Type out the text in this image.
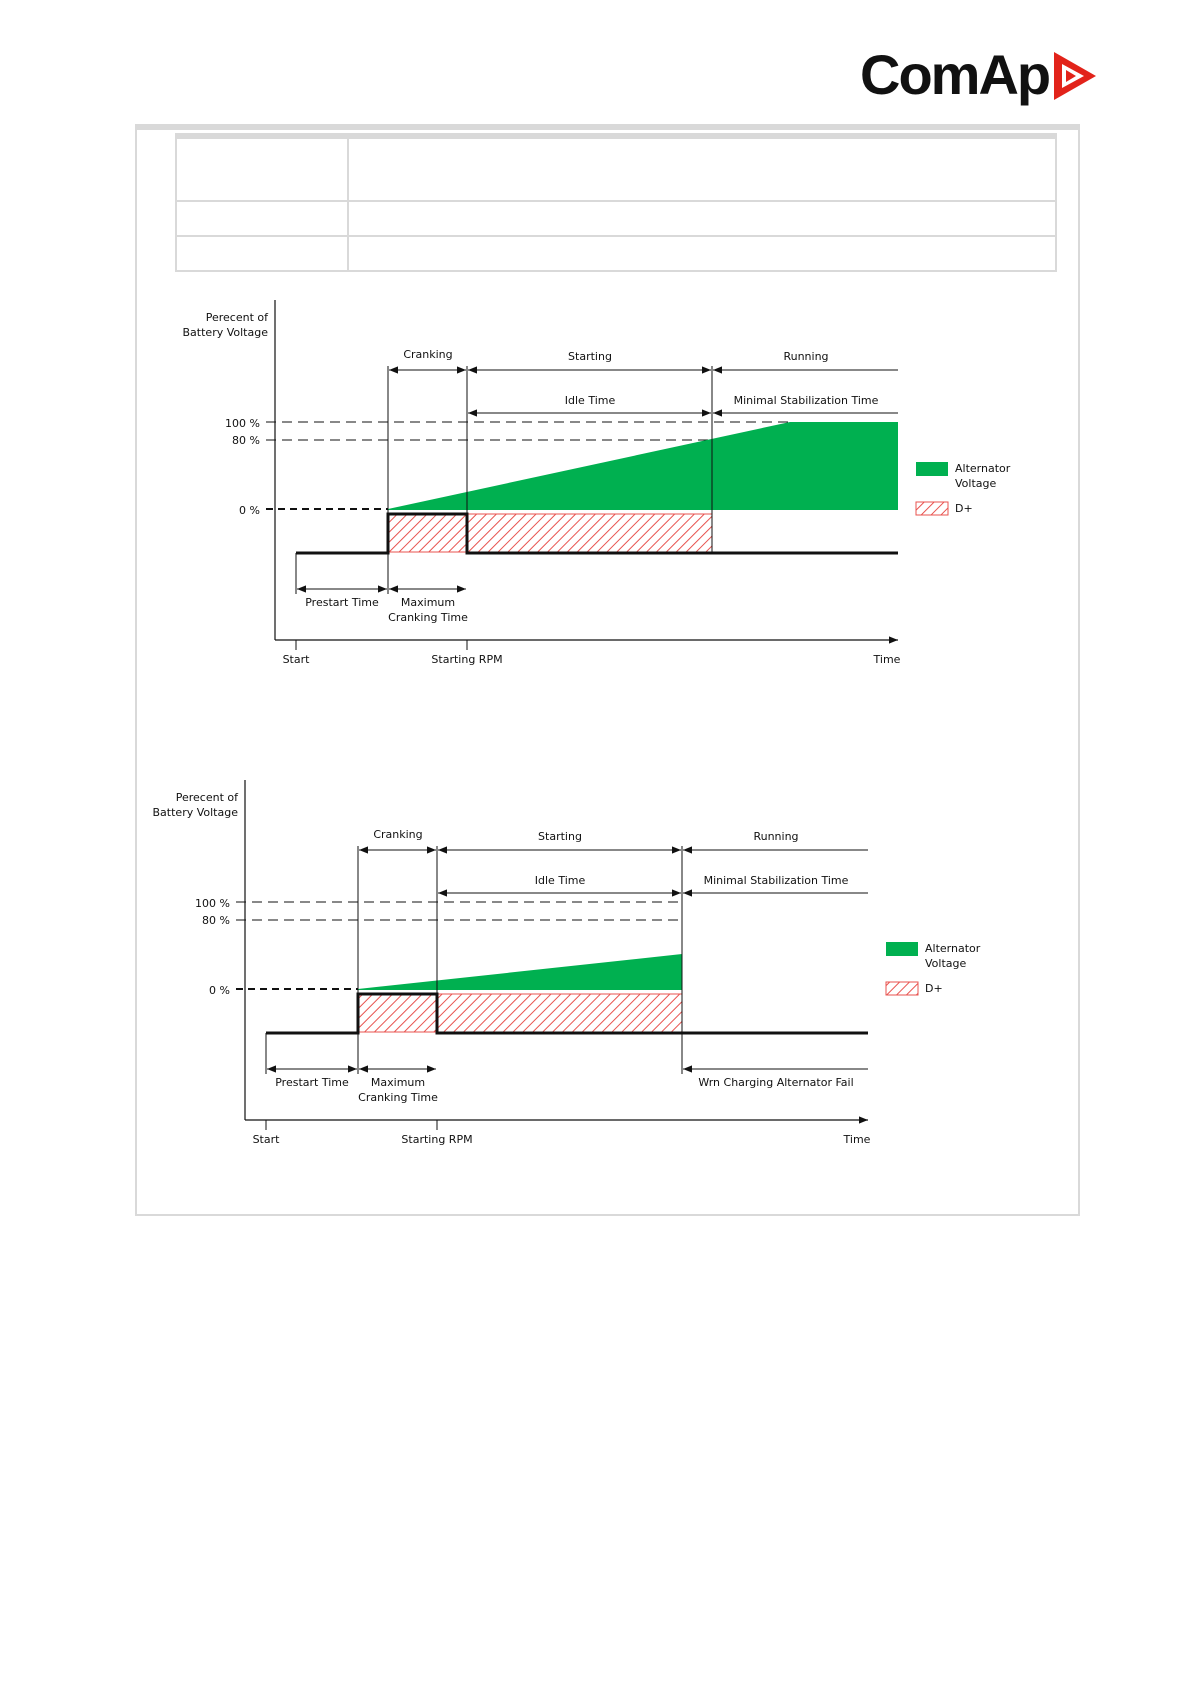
ComAp

Perecent of
Battery Voltage
100 %
80 %
0 %
Cranking	Starting	Running
Idle Time	Minimal Stabilization Time
Prestart Time Maximum
Cranking Time
Start	Starting RPM	Time
Alternator
Voltage
D+
Perecent of
Battery Voltage
100 %
80 %
0 %
Cranking	Starting	Running
Idle Time	Minimal Stabilization Time
Prestart Time Maximum
Cranking Time
Wrn Charging Alternator Fail
Start	Starting RPM	Time
Alternator
Voltage
D+
